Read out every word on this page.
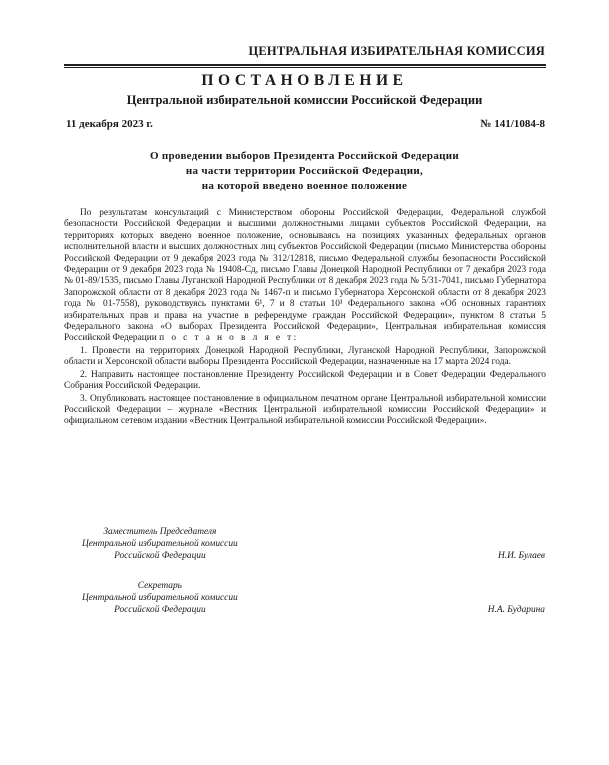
ЦЕНТРАЛЬНАЯ ИЗБИРАТЕЛЬНАЯ КОМИССИЯ
ПОСТАНОВЛЕНИЕ
Центральной избирательной комиссии Российской Федерации
11 декабря 2023 г.	№ 141/1084-8
О проведении выборов Президента Российской Федерации
на части территории Российской Федерации,
на которой введено военное положение

По результатам консультаций с Министерством обороны Российской Федерации, Федеральной службой безопасности Российской Федерации и высшими должностными лицами субъектов Российской Федерации, на территориях которых введено военное положение, основываясь на позициях указанных федеральных органов исполнительной власти и высших должностных лиц субъектов Российской Федерации (письмо Министерства обороны Российской Федерации от 9 декабря 2023 года № 312/12818, письмо Федеральной службы безопасности Российской Федерации от 9 декабря 2023 года № 19408-Сд, письмо Главы Донецкой Народной Республики от 7 декабря 2023 года № 01-89/1535, письмо Главы Луганской Народной Республики от 8 декабря 2023 года № 5/31-7041, письмо Губернатора Запорожской области от 8 декабря 2023 года № 1467-п и письмо Губернатора Херсонской области от 8 декабря 2023 года № 01-7558), руководствуясь пунктами 6¹, 7 и 8 статьи 10¹ Федерального закона «Об основных гарантиях избирательных прав и права на участие в референдуме граждан Российской Федерации», пунктом 8 статьи 5 Федерального закона «О выборах Президента Российской Федерации», Центральная избирательная комиссия Российской Федерации п о с т а н о в л я е т:

1. Провести на территориях Донецкой Народной Республики, Луганской Народной Республики, Запорожской области и Херсонской области выборы Президента Российской Федерации, назначенные на 17 марта 2024 года.

2. Направить настоящее постановление Президенту Российской Федерации и в Совет Федерации Федерального Собрания Российской Федерации.

3. Опубликовать настоящее постановление в официальном печатном органе Центральной избирательной комиссии Российской Федерации – журнале «Вестник Центральной избирательной комиссии Российской Федерации» и официальном сетевом издании «Вестник Центральной избирательной комиссии Российской Федерации».

Заместитель Председателя
Центральной избирательной комиссии
Российской Федерации	Н.И. Булаев
Секретарь
Центральной избирательной комиссии
Российской Федерации	Н.А. Бударина
